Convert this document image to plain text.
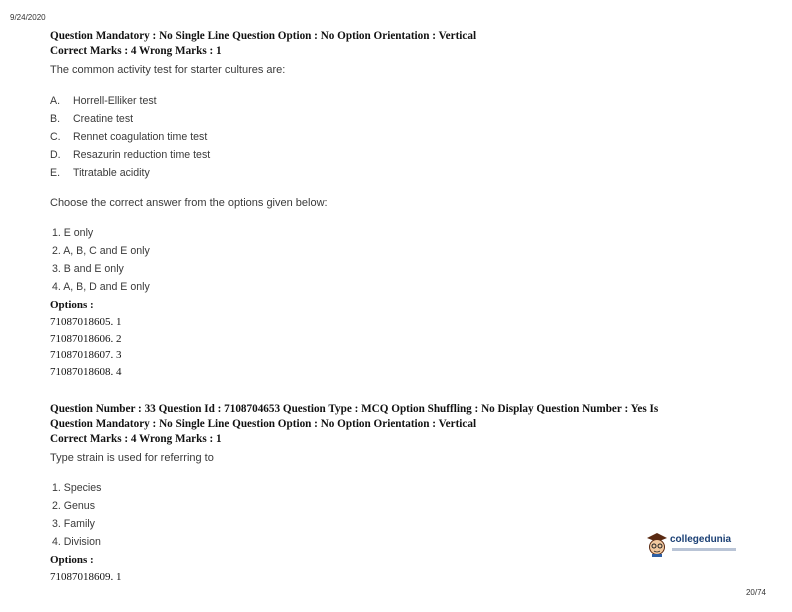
9/24/2020
Question Mandatory : No Single Line Question Option : No Option Orientation : Vertical
Correct Marks : 4 Wrong Marks : 1
The common activity test for starter cultures are:
A. Horrell-Elliker test
B. Creatine test
C. Rennet coagulation time test
D. Resazurin reduction time test
E. Titratable acidity
Choose the correct answer from the options given below:
1. E only
2. A, B, C and E only
3. B and E only
4. A, B, D and E only
Options :
71087018605. 1
71087018606. 2
71087018607. 3
71087018608. 4
Question Number : 33 Question Id : 7108704653 Question Type : MCQ Option Shuffling : No Display Question Number : Yes Is
Question Mandatory : No Single Line Question Option : No Option Orientation : Vertical
Correct Marks : 4 Wrong Marks : 1
Type strain is used for referring to
1. Species
2. Genus
3. Family
4. Division
Options :
71087018609. 1
collegedunia
20/74
